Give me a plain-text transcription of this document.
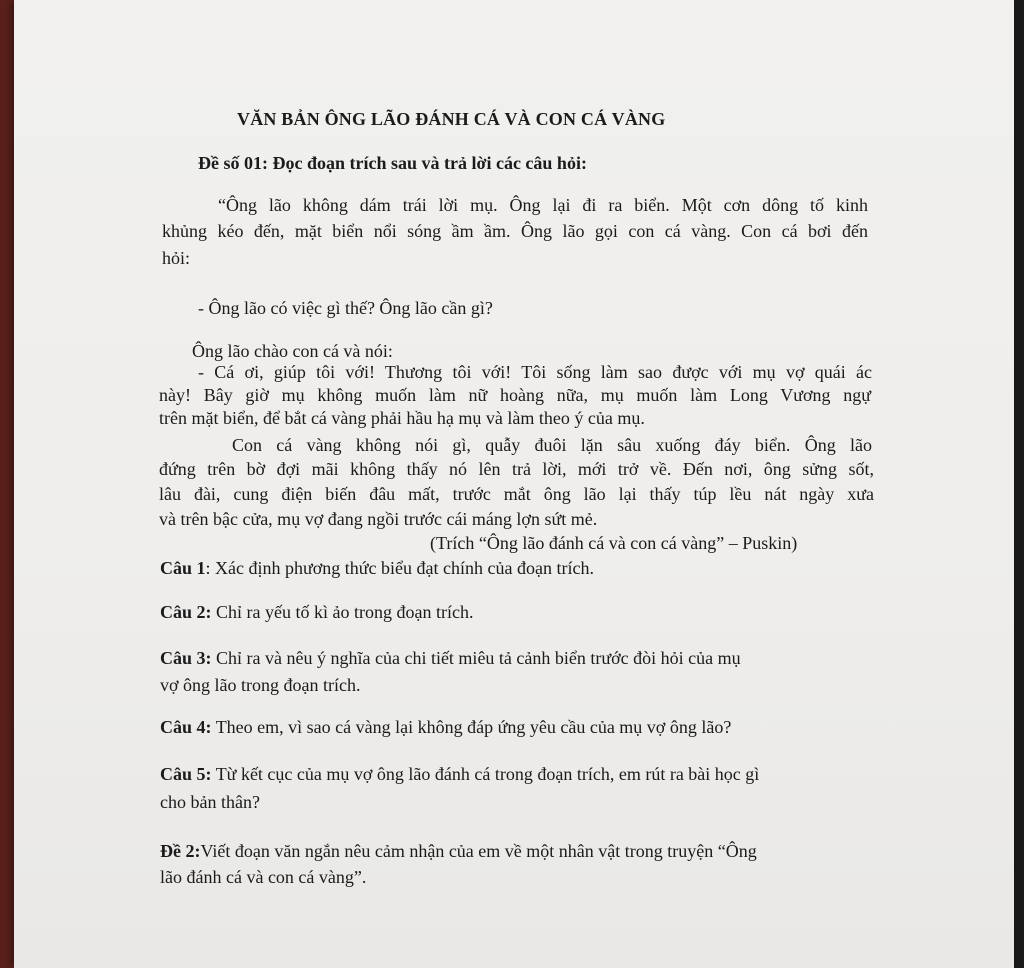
VĂN BẢN ÔNG LÃO ĐÁNH CÁ VÀ CON CÁ VÀNG
Đề số 01: Đọc đoạn trích sau và trả lời các câu hỏi:
“Ông lão không dám trái lời mụ. Ông lại đi ra biển. Một cơn dông tố kinh
khủng kéo đến, mặt biển nổi sóng ầm ầm. Ông lão gọi con cá vàng. Con cá bơi đến
hỏi:
- Ông lão có việc gì thế? Ông lão cần gì?
Ông lão chào con cá và nói:
- Cá ơi, giúp tôi với! Thương tôi với! Tôi sống làm sao được với mụ vợ quái ác
này! Bây giờ mụ không muốn làm nữ hoàng nữa, mụ muốn làm Long Vương ngự
trên mặt biển, để bắt cá vàng phải hầu hạ mụ và làm theo ý của mụ.
Con cá vàng không nói gì, quẫy đuôi lặn sâu xuống đáy biển. Ông lão
đứng trên bờ đợi mãi không thấy nó lên trả lời, mới trở về. Đến nơi, ông sửng sốt,
lâu đài, cung điện biến đâu mất, trước mắt ông lão lại thấy túp lều nát ngày xưa
và trên bậc cửa, mụ vợ đang ngồi trước cái máng lợn sứt mẻ.
(Trích “Ông lão đánh cá và con cá vàng” – Puskin)
Câu 1: Xác định phương thức biểu đạt chính của đoạn trích.
Câu 2: Chỉ ra yếu tố kì ảo trong đoạn trích.
Câu 3: Chỉ ra và nêu ý nghĩa của chi tiết miêu tả cảnh biển trước đòi hỏi của mụ
vợ ông lão trong đoạn trích.
Câu 4: Theo em, vì sao cá vàng lại không đáp ứng yêu cầu của mụ vợ ông lão?
Câu 5: Từ kết cục của mụ vợ ông lão đánh cá trong đoạn trích, em rút ra bài học gì
cho bản thân?
Đề 2:Viết đoạn văn ngắn nêu cảm nhận của em về một nhân vật trong truyện “Ông
lão đánh cá và con cá vàng”.
